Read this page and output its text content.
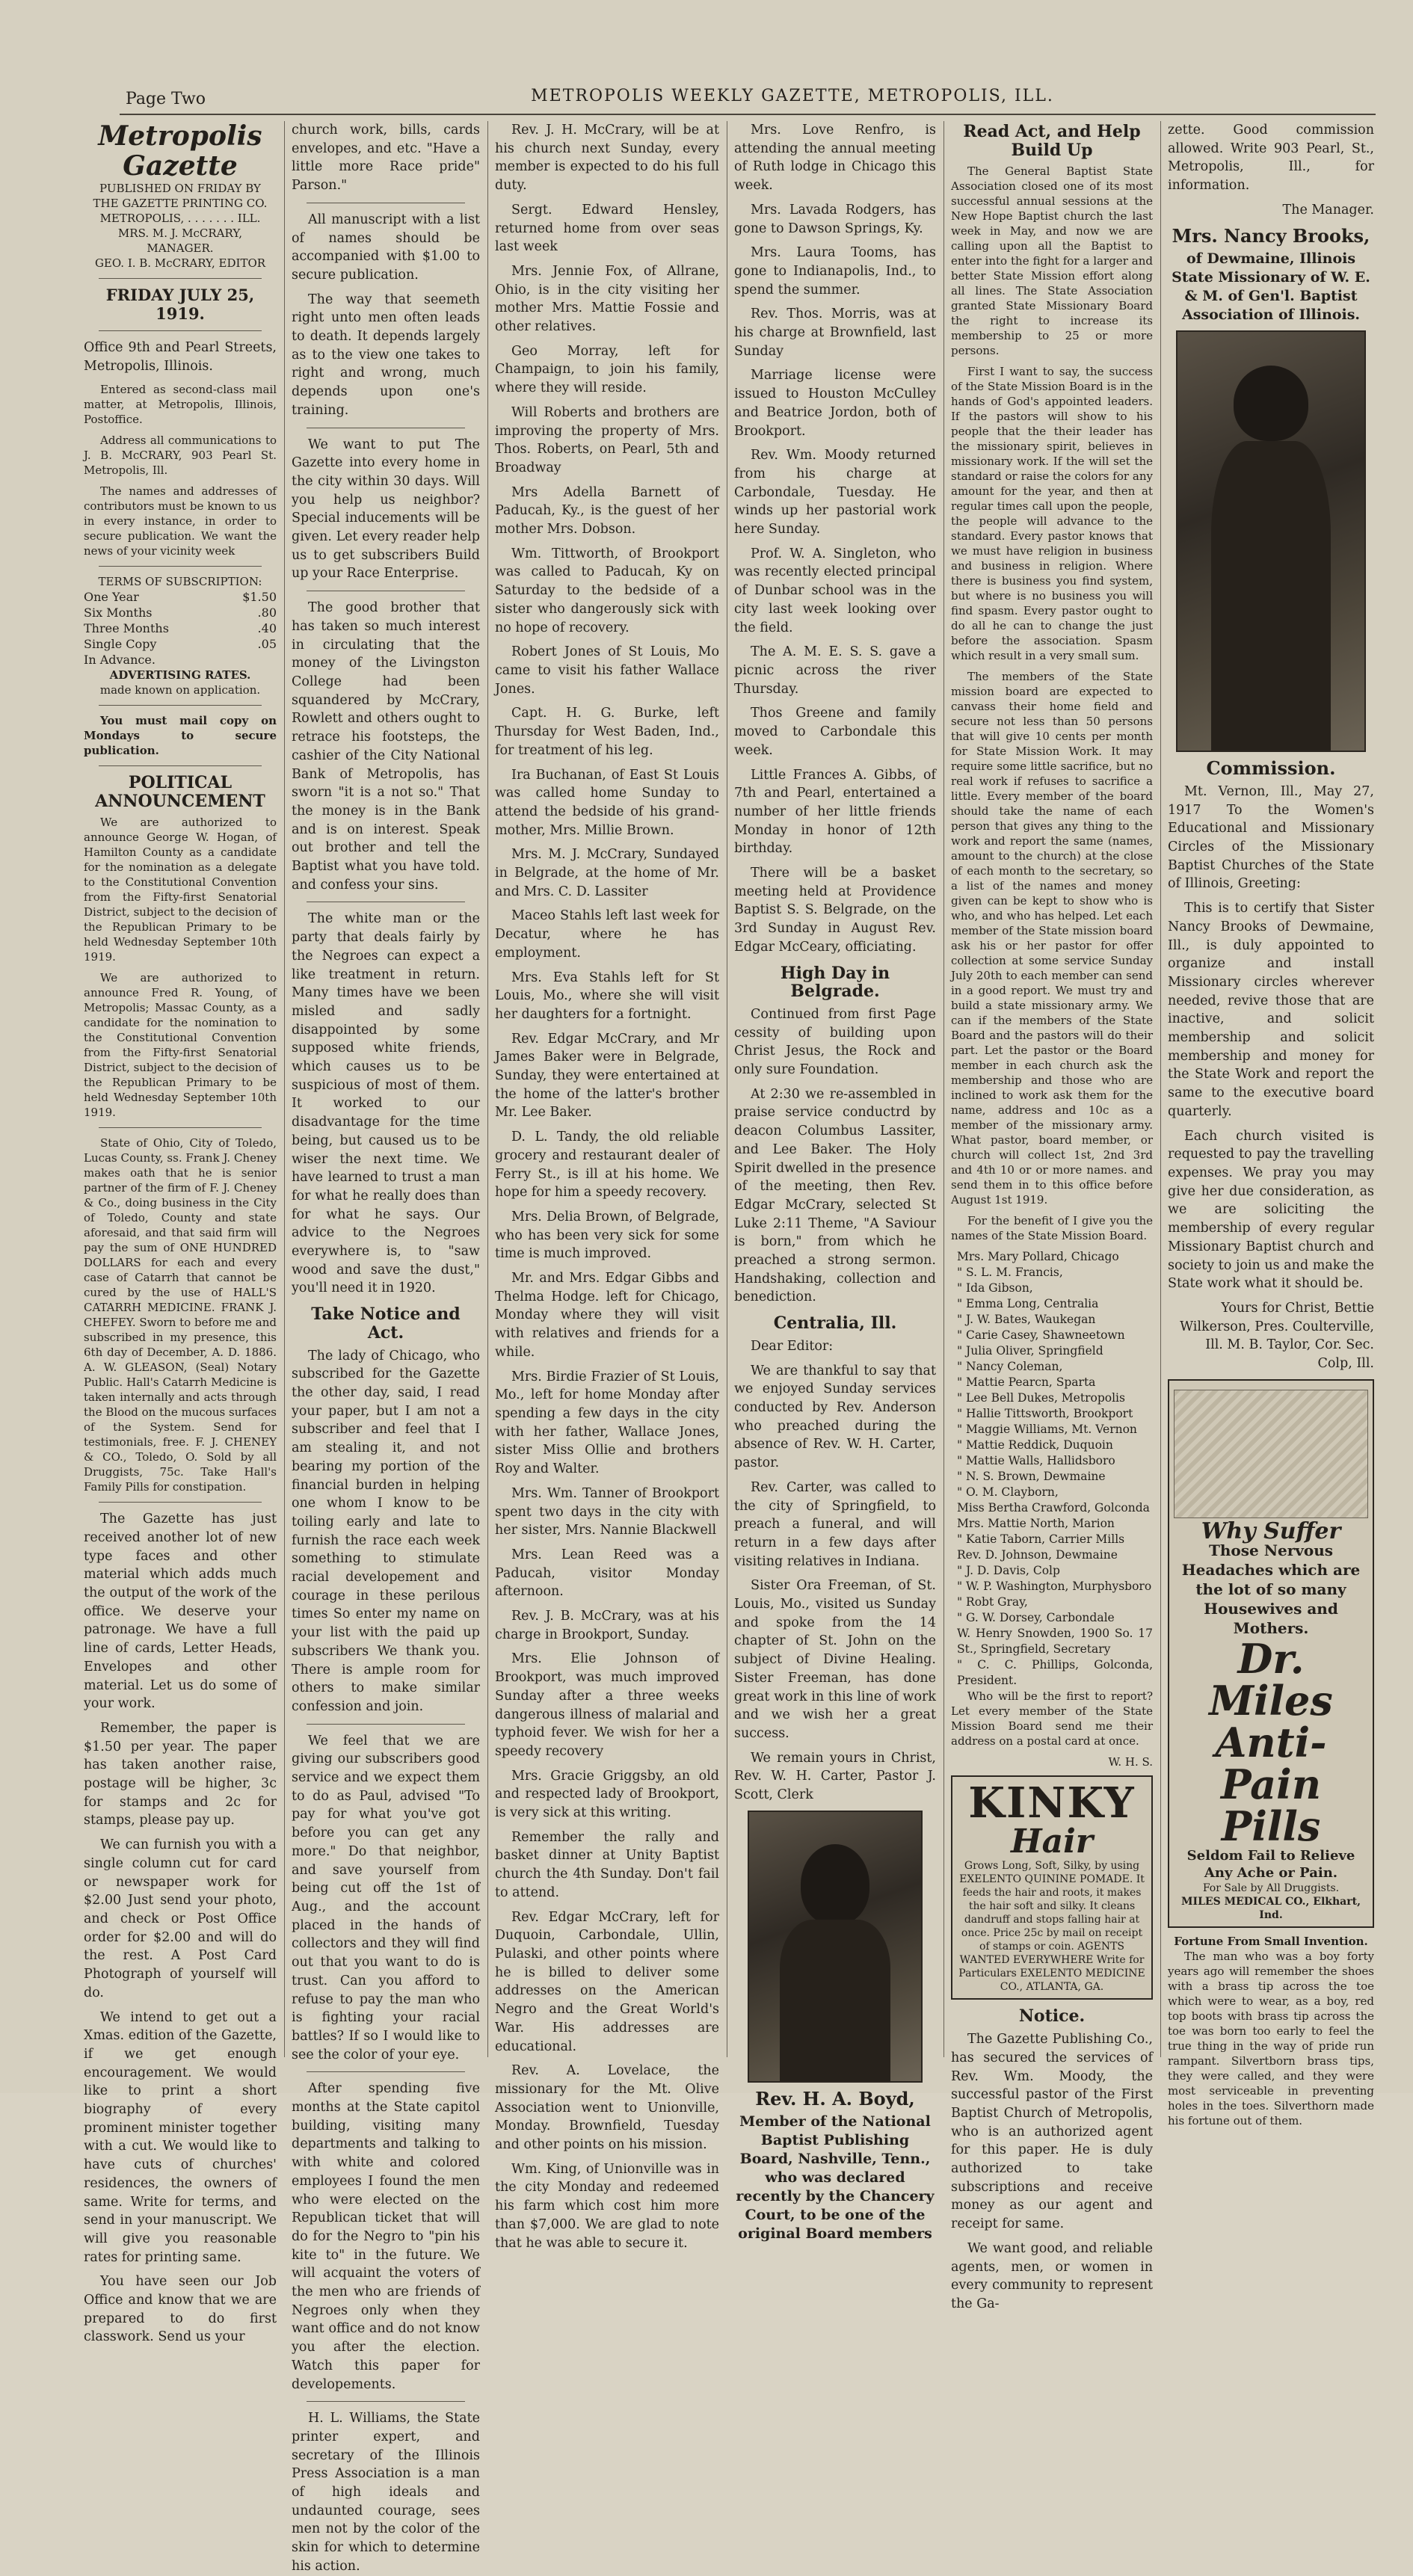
Page Two	METROPOLIS WEEKLY GAZETTE, METROPOLIS, ILL.
Metropolis Gazette
PUBLISHED ON FRIDAY BY
THE GAZETTE PRINTING CO.
METROPOLIS, . . . . . . . ILL.
MRS. M. J. McCRARY, MANAGER.
GEO. I. B. McCRARY, EDITOR
FRIDAY JULY 25, 1919.

Office 9th and Pearl Streets, Metropolis, Illinois.

Entered as second-class mail matter, at Metropolis, Illinois, Postoffice.

Address all communications to J. B. McCRARY, 903 Pearl St. Metropolis, Ill.

The names and addresses of contributors must be known to us in every instance, in order to secure publication. We want the news of your vicinity week

TERMS OF SUBSCRIPTION:
One Year	$1.50
Six Months	.80
Three Months	.40
Single Copy	.05
In Advance.
ADVERTISING RATES.
made known on application.

You must mail copy on Mondays to secure publication.

POLITICAL ANNOUNCEMENT

We are authorized to announce George W. Hogan, of Hamilton County as a candidate for the nomination as a delegate to the Constitutional Convention from the Fifty-first Senatorial District, subject to the decision of the Republican Primary to be held Wednesday September 10th 1919.

We are authorized to announce Fred R. Young, of Metropolis; Massac County, as a candidate for the nomination to the Constitutional Convention from the Fifty-first Senatorial District, subject to the decision of the Republican Primary to be held Wednesday September 10th 1919.

State of Ohio, City of Toledo, Lucas County, ss. Frank J. Cheney makes oath that he is senior partner of the firm of F. J. Cheney & Co., doing business in the City of Toledo, County and state aforesaid, and that said firm will pay the sum of ONE HUNDRED DOLLARS for each and every case of Catarrh that cannot be cured by the use of HALL'S CATARRH MEDICINE. FRANK J. CHEFEY. Sworn to before me and subscribed in my presence, this 6th day of December, A. D. 1886. A. W. GLEASON, (Seal) Notary Public. Hall's Catarrh Medicine is taken internally and acts through the Blood on the mucous surfaces of the System. Send for testimonials, free. F. J. CHENEY & CO., Toledo, O. Sold by all Druggists, 75c. Take Hall's Family Pills for constipation.

The Gazette has just received another lot of new type faces and other material which adds much the output of the work of the office. We deserve your patronage. We have a full line of cards, Letter Heads, Envelopes and other material. Let us do some of your work.

Remember, the paper is $1.50 per year. The paper has taken another raise, postage will be higher, 3c for stamps and 2c for stamps, please pay up.

We can furnish you with a single column cut for card or newspaper work for $2.00 Just send your photo, and check or Post Office order for $2.00 and will do the rest. A Post Card Photograph of yourself will do.

We intend to get out a Xmas. edition of the Gazette, if we get enough encouragement. We would like to print a short biography of every prominent minister together with a cut. We would like to have cuts of churches' residences, the owners of same. Write for terms, and send in your manuscript. We will give you reasonable rates for printing same.

You have seen our Job Office and know that we are prepared to do first classwork. Send us your

church work, bills, cards envelopes, and etc. "Have a little more Race pride" Parson."

All manuscript with a list of names should be accompanied with $1.00 to secure publication.

The way that seemeth right unto men often leads to death. It depends largely as to the view one takes to right and wrong, much depends upon one's training.

We want to put The Gazette into every home in the city within 30 days. Will you help us neighbor? Special inducements will be given. Let every reader help us to get subscribers Build up your Race Enterprise.

The good brother that has taken so much interest in circulating that the money of the Livingston College had been squandered by McCrary, Rowlett and others ought to retrace his footsteps, the cashier of the City National Bank of Metropolis, has sworn "it is a not so." That the money is in the Bank and is on interest. Speak out brother and tell the Baptist what you have told. and confess your sins.

The white man or the party that deals fairly by the Negroes can expect a like treatment in return. Many times have we been misled and sadly disappointed by some supposed white friends, which causes us to be suspicious of most of them. It worked to our disadvantage for the time being, but caused us to be wiser the next time. We have learned to trust a man for what he really does than for what he says. Our advice to the Negroes everywhere is, to "saw wood and save the dust," you'll need it in 1920.

Take Notice and Act.

The lady of Chicago, who subscribed for the Gazette the other day, said, I read your paper, but I am not a subscriber and feel that I am stealing it, and not bearing my portion of the financial burden in helping one whom I know to be toiling early and late to furnish the race each week something to stimulate racial developement and courage in these perilous times So enter my name on your list with the paid up subscribers We thank you. There is ample room for others to make similar confession and join.

We feel that we are giving our subscribers good service and we expect them to do as Paul, advised "To pay for what you've got before you can get any more." Do that neighbor, and save yourself from being cut off the 1st of Aug., and the account placed in the hands of collectors and they will find out that you want to do is trust. Can you afford to refuse to pay the man who is fighting your racial battles? If so I would like to see the color of your eye.

After spending five months at the State capitol building, visiting many departments and talking to with white and colored employees I found the men who were elected on the Republican ticket that will do for the Negro to "pin his kite to" in the future. We will acquaint the voters of the men who are friends of Negroes only when they want office and do not know you after the election. Watch this paper for developements.

H. L. Williams, the State printer expert, and secretary of the Illinois Press Association is a man of high ideals and undaunted courage, sees men not by the color of the skin for which to determine his action.

Rev. J. H. McCrary, will be at his church next Sunday, every member is expected to do his full duty.

Sergt. Edward Hensley, returned home from over seas last week

Mrs. Jennie Fox, of Allrane, Ohio, is in the city visiting her mother Mrs. Mattie Fossie and other relatives.

Geo Morray, left for Champaign, to join his family, where they will reside.

Will Roberts and brothers are improving the property of Mrs. Thos. Roberts, on Pearl, 5th and Broadway

Mrs Adella Barnett of Paducah, Ky., is the guest of her mother Mrs. Dobson.

Wm. Tittworth, of Brookport was called to Paducah, Ky on Saturday to the bedside of a sister who dangerously sick with no hope of recovery.

Robert Jones of St Louis, Mo came to visit his father Wallace Jones.

Capt. H. G. Burke, left Thursday for West Baden, Ind., for treatment of his leg.

Ira Buchanan, of East St Louis was called home Sunday to attend the bedside of his grand-mother, Mrs. Millie Brown.

Mrs. M. J. McCrary, Sundayed in Belgrade, at the home of Mr. and Mrs. C. D. Lassiter

Maceo Stahls left last week for Decatur, where he has employment.

Mrs. Eva Stahls left for St Louis, Mo., where she will visit her daughters for a fortnight.

Rev. Edgar McCrary, and Mr James Baker were in Belgrade, Sunday, they were entertained at the home of the latter's brother Mr. Lee Baker.

D. L. Tandy, the old reliable grocery and restaurant dealer of Ferry St., is ill at his home. We hope for him a speedy recovery.

Mrs. Delia Brown, of Belgrade, who has been very sick for some time is much improved.

Mr. and Mrs. Edgar Gibbs and Thelma Hodge. left for Chicago, Monday where they will visit with relatives and friends for a while.

Mrs. Birdie Frazier of St Louis, Mo., left for home Monday after spending a few days in the city with her father, Wallace Jones, sister Miss Ollie and brothers Roy and Walter.

Mrs. Wm. Tanner of Brookport spent two days in the city with her sister, Mrs. Nannie Blackwell

Mrs. Lean Reed was a Paducah, visitor Monday afternoon.

Rev. J. B. McCrary, was at his charge in Brookport, Sunday.

Mrs. Elie Johnson of Brookport, was much improved Sunday after a three weeks dangerous illness of malarial and typhoid fever. We wish for her a speedy recovery

Mrs. Gracie Griggsby, an old and respected lady of Brookport, is very sick at this writing.

Remember the rally and basket dinner at Unity Baptist church the 4th Sunday. Don't fail to attend.

Rev. Edgar McCrary, left for Duquoin, Carbondale, Ullin, Pulaski, and other points where he is billed to deliver some addresses on the American Negro and the Great World's War. His addresses are educational.

Rev. A. Lovelace, the missionary for the Mt. Olive Association went to Unionville, Monday. Brownfield, Tuesday and other points on his mission.

Wm. King, of Unionville was in the city Monday and redeemed his farm which cost him more than $7,000. We are glad to note that he was able to secure it.

Mrs. Love Renfro, is attending the annual meeting of Ruth lodge in Chicago this week.

Mrs. Lavada Rodgers, has gone to Dawson Springs, Ky.

Mrs. Laura Tooms, has gone to Indianapolis, Ind., to spend the summer.

Rev. Thos. Morris, was at his charge at Brownfield, last Sunday

Marriage license were issued to Houston McCulley and Beatrice Jordon, both of Brookport.

Rev. Wm. Moody returned from his charge at Carbondale, Tuesday. He winds up her pastorial work here Sunday.

Prof. W. A. Singleton, who was recently elected principal of Dunbar school was in the city last week looking over the field.

The A. M. E. S. S. gave a picnic across the river Thursday.

Thos Greene and family moved to Carbondale this week.

Little Frances A. Gibbs, of 7th and Pearl, entertained a number of her little friends Monday in honor of 12th birthday.

There will be a basket meeting held at Providence Baptist S. S. Belgrade, on the 3rd Sunday in August Rev. Edgar McCeary, officiating.

High Day in Belgrade.

Continued from first Page cessity of building upon Christ Jesus, the Rock and only sure Foundation.

At 2:30 we re-assembled in praise service conductrd by deacon Columbus Lassiter, and Lee Baker. The Holy Spirit dwelled in the presence of the meeting, then Rev. Edgar McCrary, selected St Luke 2:11 Theme, "A Saviour is born," from which he preached a strong sermon. Handshaking, collection and benediction.

Centralia, Ill.

Dear Editor:

We are thankful to say that we enjoyed Sunday services conducted by Rev. Anderson who preached during the absence of Rev. W. H. Carter, pastor.

Rev. Carter, was called to the city of Springfield, to preach a funeral, and will return in a few days after visiting relatives in Indiana.

Sister Ora Freeman, of St. Louis, Mo., visited us Sunday and spoke from the 14 chapter of St. John on the subject of Divine Healing. Sister Freeman, has done great work in this line of work and we wish her a great success.

We remain yours in Christ, Rev. W. H. Carter, Pastor J. Scott, Clerk

Rev. H. A. Boyd,

Member of the National Baptist Publishing Board, Nashville, Tenn., who was declared recently by the Chancery Court, to be one of the original Board members

Read Act, and Help Build Up

The General Baptist State Association closed one of its most successful annual sessions at the New Hope Baptist church the last week in May, and now we are calling upon all the Baptist to enter into the fight for a larger and better State Mission effort along all lines. The State Association granted State Missionary Board the right to increase its membership to 25 or more persons.

First I want to say, the success of the State Mission Board is in the hands of God's appointed leaders. If the pastors will show to his people that the their leader has the missionary spirit, believes in missionary work. If the will set the standard or raise the colors for any amount for the year, and then at regular times call upon the people, the people will advance to the standard. Every pastor knows that we must have religion in business and business in religion. Where there is business you find system, but where is no business you will find spasm. Every pastor ought to do all he can to change the just before the association. Spasm which result in a very small sum.

The members of the State mission board are expected to canvass their home field and secure not less than 50 persons that will give 10 cents per month for State Mission Work. It may require some little sacrifice, but no real work if refuses to sacrifice a little. Every member of the board should take the name of each person that gives any thing to the work and report the same (names, amount to the church) at the close of each month to the secretary, so a list of the names and money given can be kept to show who is who, and who has helped. Let each member of the State mission board ask his or her pastor for offer collection at some service Sunday July 20th to each member can send in a good report. We must try and build a state missionary army. We can if the members of the State Board and the pastors will do their part. Let the pastor or the Board member in each church ask the membership and those who are inclined to work ask them for the name, address and 10c as a member of the missionary army. What pastor, board member, or church will collect 1st, 2nd 3rd and 4th 10 or or more names. and send them in to this office before August 1st 1919.

For the benefit of I give you the names of the State Mission Board.

Mrs. Mary Pollard, Chicago
" S. L. M. Francis,
" Ida Gibson,
" Emma Long, Centralia
" J. W. Bates, Waukegan
" Carie Casey, Shawneetown
" Julia Oliver, Springfield
" Nancy Coleman,
" Mattie Pearcn, Sparta
" Lee Bell Dukes, Metropolis
" Hallie Tittsworth, Brookport
" Maggie Williams, Mt. Vernon
" Mattie Reddick, Duquoin
" Mattie Walls, Hallidsboro
" N. S. Brown, Dewmaine
" O. M. Clayborn,
Miss Bertha Crawford, Golconda
Mrs. Mattie North, Marion
" Katie Taborn, Carrier Mills
Rev. D. Johnson, Dewmaine
" J. D. Davis, Colp
" W. P. Washington, Murphysboro
" Robt Gray,
" G. W. Dorsey, Carbondale
W. Henry Snowden, 1900 So. 17 St., Springfield, Secretary
" C. C. Phillips, Golconda, President.

Who will be the first to report? Let every member of the State Mission Board send me their address on a postal card at once.

W. H. S.
KINKY
Hair
Grows Long, Soft, Silky, by using EXELENTO QUININE POMADE. It feeds the hair and roots, it makes the hair soft and silky. It cleans dandruff and stops falling hair at once. Price 25c by mail on receipt of stamps or coin. AGENTS WANTED EVERYWHERE Write for Particulars EXELENTO MEDICINE CO., ATLANTA, GA.
Notice.

The Gazette Publishing Co., has secured the services of Rev. Wm. Moody, the successful pastor of the First Baptist Church of Metropolis, who is an authorized agent for this paper. He is duly authorized to take subscriptions and receive money as our agent and receipt for same.

We want good, and reliable agents, men, or women in every community to represent the Ga-

zette. Good commission allowed. Write 903 Pearl, St., Metropolis, Ill., for information.

The Manager.
Mrs. Nancy Brooks,

of Dewmaine, Illinois State Missionary of W. E. & M. of Gen'l. Baptist Association of Illinois.

Commission.

Mt. Vernon, Ill., May 27, 1917 To the Women's Educational and Missionary Circles of the Missionary Baptist Churches of the State of Illinois, Greeting:

This is to certify that Sister Nancy Brooks of Dewmaine, Ill., is duly appointed to organize and install Missionary circles wherever needed, revive those that are inactive, and solicit membership and solicit membership and money for the State Work and report the same to the executive board quarterly.

Each church visited is requested to pay the travelling expenses. We pray you may give her due consideration, as we are soliciting the membership of every regular Missionary Baptist church and society to join us and make the State work what it should be.

Yours for Christ, Bettie Wilkerson, Pres. Coulterville, Ill. M. B. Taylor, Cor. Sec. Colp, Ill.

Why Suffer
Those Nervous Headaches which are the lot of so many Housewives and Mothers.
Dr. Miles Anti-Pain Pills
Seldom Fail to Relieve Any Ache or Pain.
For Sale by All Druggists.
MILES MEDICAL CO., Elkhart, Ind.
Fortune From Small Invention.

The man who was a boy forty years ago will remember the shoes with a brass tip across the toe which were to wear, as a boy, red top boots with brass tip across the toe was born too early to feel the true thing in the way of pride run rampant. Silvertborn brass tips, they were called, and they were most serviceable in preventing holes in the toes. Silverthorn made his fortune out of them.
